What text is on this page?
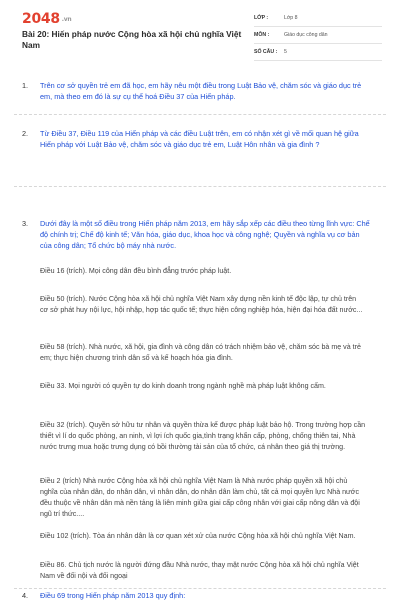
2048 .vn
Bài 20: Hiến pháp nước Cộng hòa xã hội chủ nghĩa Việt Nam
LỚP :	Lớp 8
MÔN :	Giáo dục công dân
SỐ CÂU :	5
1. Trên cơ sở quyền trẻ em đã học, em hãy nêu một điều trong Luật Bảo vệ, chăm sóc và giáo dục trẻ em, mà theo em đó là sự cụ thể hoá Điều 37 của Hiến pháp.
2. Từ Điều 37, Điều 119 của Hiến pháp và các điều Luật trên, em có nhận xét gì về mối quan hệ giữa Hiến pháp với Luật Bảo vệ, chăm sóc và giáo dục trẻ em, Luật Hôn nhân và gia đình ?
3. Dưới đây là một số điều trong Hiến pháp năm 2013, em hãy sắp xếp các điều theo từng lĩnh vực: Chế độ chính trị; Chế độ kinh tế; Văn hóa, giáo dục, khoa học và công nghệ; Quyền và nghĩa vụ cơ bản của công dân; Tổ chức bộ máy nhà nước.
Điều 16 (trích). Mọi công dân đều bình đẳng trước pháp luật.
Điều 50 (trích). Nước Cộng hòa xã hội chủ nghĩa Việt Nam xây dựng nền kinh tế độc lập, tự chủ trên cơ sở phát huy nội lực, hội nhập, hợp tác quốc tế; thực hiện công nghiệp hóa, hiện đại hóa đất nước...
Điều 58 (trích). Nhà nước, xã hội, gia đình và công dân có trách nhiệm bảo vệ, chăm sóc bà mẹ và trẻ em; thực hiện chương trình dân số và kế hoạch hóa gia đình.
Điều 33. Mọi người có quyền tự do kinh doanh trong ngành nghề mà pháp luật không cấm.
Điều 32 (trích). Quyền sở hữu tư nhân và quyền thừa kế được pháp luật bảo hộ. Trong trường hợp cần thiết vì lí do quốc phòng, an ninh, vì lợi ích quốc gia,tình trạng khẩn cấp, phòng, chống thiên tai, Nhà nước trưng mua hoặc trưng dụng có bồi thường tài sản của tổ chức, cá nhân theo giá thị trường.
Điều 2 (trích) Nhà nước Cộng hòa xã hội chủ nghĩa Việt Nam là Nhà nước pháp quyền xã hội chủ nghĩa của nhân dân, do nhân dân, vì nhân dân, do nhân dân làm chủ, tất cả mọi quyền lực Nhà nước đều thuộc về nhân dân mà nền tảng là liên minh giữa giai cấp công nhân với giai cấp nông dân và đội ngũ trí thức....
Điều 102 (trích). Tòa án nhân dân là cơ quan xét xử của nước Cộng hòa xã hội chủ nghĩa Việt Nam.
Điều 86. Chủ tịch nước là người đứng đầu Nhà nước, thay mặt nước Cộng hòa xã hội chủ nghĩa Việt Nam về đối nội và đối ngoại
4. Điều 69 trong Hiến pháp năm 2013 quy định:
